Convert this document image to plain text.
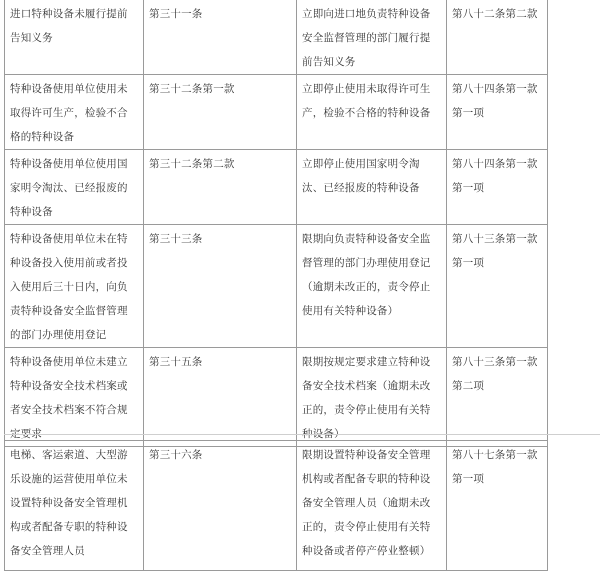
进口特种设备未履行提前告知义务	第三十一条	立即向进口地负责特种设备安全监督管理的部门履行提前告知义务	第八十二条第二款
特种设备使用单位使用未取得许可生产，检验不合格的特种设备	第三十二条第一款	立即停止使用未取得许可生产，检验不合格的特种设备	第八十四条第一款第一项
特种设备使用单位使用国家明令淘汰、已经报废的特种设备	第三十二条第二款	立即停止使用国家明令淘汰、已经报废的特种设备	第八十四条第一款第一项
特种设备使用单位未在特种设备投入使用前或者投入使用后三十日内，向负责特种设备安全监督管理的部门办理使用登记	第三十三条	限期向负责特种设备安全监督管理的部门办理使用登记（逾期未改正的，责令停止使用有关特种设备）	第八十三条第一款第一项
特种设备使用单位未建立特种设备安全技术档案或者安全技术档案不符合规定要求	第三十五条	限期按规定要求建立特种设备安全技术档案（逾期未改正的，责令停止使用有关特种设备）	第八十三条第一款第二项
电梯、客运索道、大型游乐设施的运营使用单位未设置特种设备安全管理机构或者配备专职的特种设备安全管理人员	第三十六条	限期设置特种设备安全管理机构或者配备专职的特种设备安全管理人员（逾期未改正的，责令停止使用有关特种设备或者停产停业整顿）	第八十七条第一款第一项
